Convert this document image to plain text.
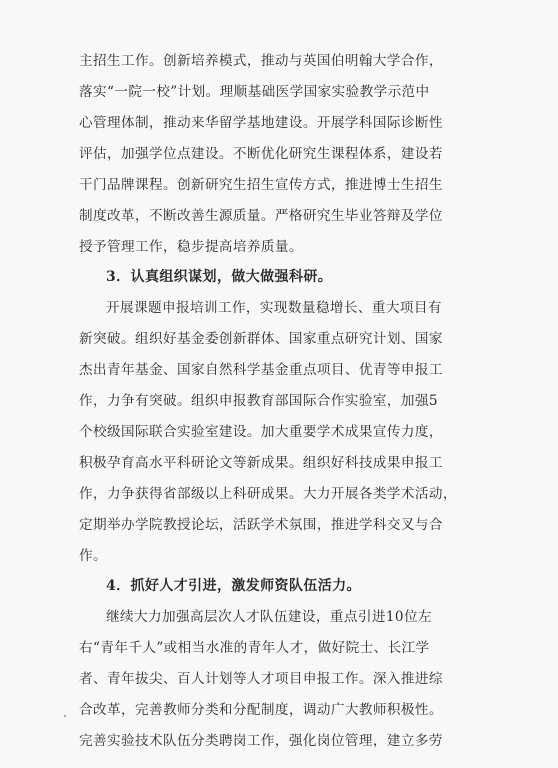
主招生工作。创新培养模式，推动与英国伯明翰大学合作，
落实“一院一校”计划。理顺基础医学国家实验教学示范中
心管理体制，推动来华留学基地建设。开展学科国际诊断性
评估，加强学位点建设。不断优化研究生课程体系，建设若
干门品牌课程。创新研究生招生宣传方式，推进博士生招生
制度改革，不断改善生源质量。严格研究生毕业答辩及学位
授予管理工作，稳步提高培养质量。
3．认真组织谋划，做大做强科研。
开展课题申报培训工作，实现数量稳增长、重大项目有
新突破。组织好基金委创新群体、国家重点研究计划、国家
杰出青年基金、国家自然科学基金重点项目、优青等申报工
作，力争有突破。组织申报教育部国际合作实验室，加强5
个校级国际联合实验室建设。加大重要学术成果宣传力度，
积极孕育高水平科研论文等新成果。组织好科技成果申报工
作，力争获得省部级以上科研成果。大力开展各类学术活动，
定期举办学院教授论坛，活跃学术氛围，推进学科交叉与合
作。
4．抓好人才引进，激发师资队伍活力。
继续大力加强高层次人才队伍建设，重点引进10位左
右“青年千人”或相当水准的青年人才，做好院士、长江学
者、青年拔尖、百人计划等人才项目申报工作。深入推进综
合改革，完善教师分类和分配制度，调动广大教师积极性。
完善实验技术队伍分类聘岗工作，强化岗位管理，建立多劳
